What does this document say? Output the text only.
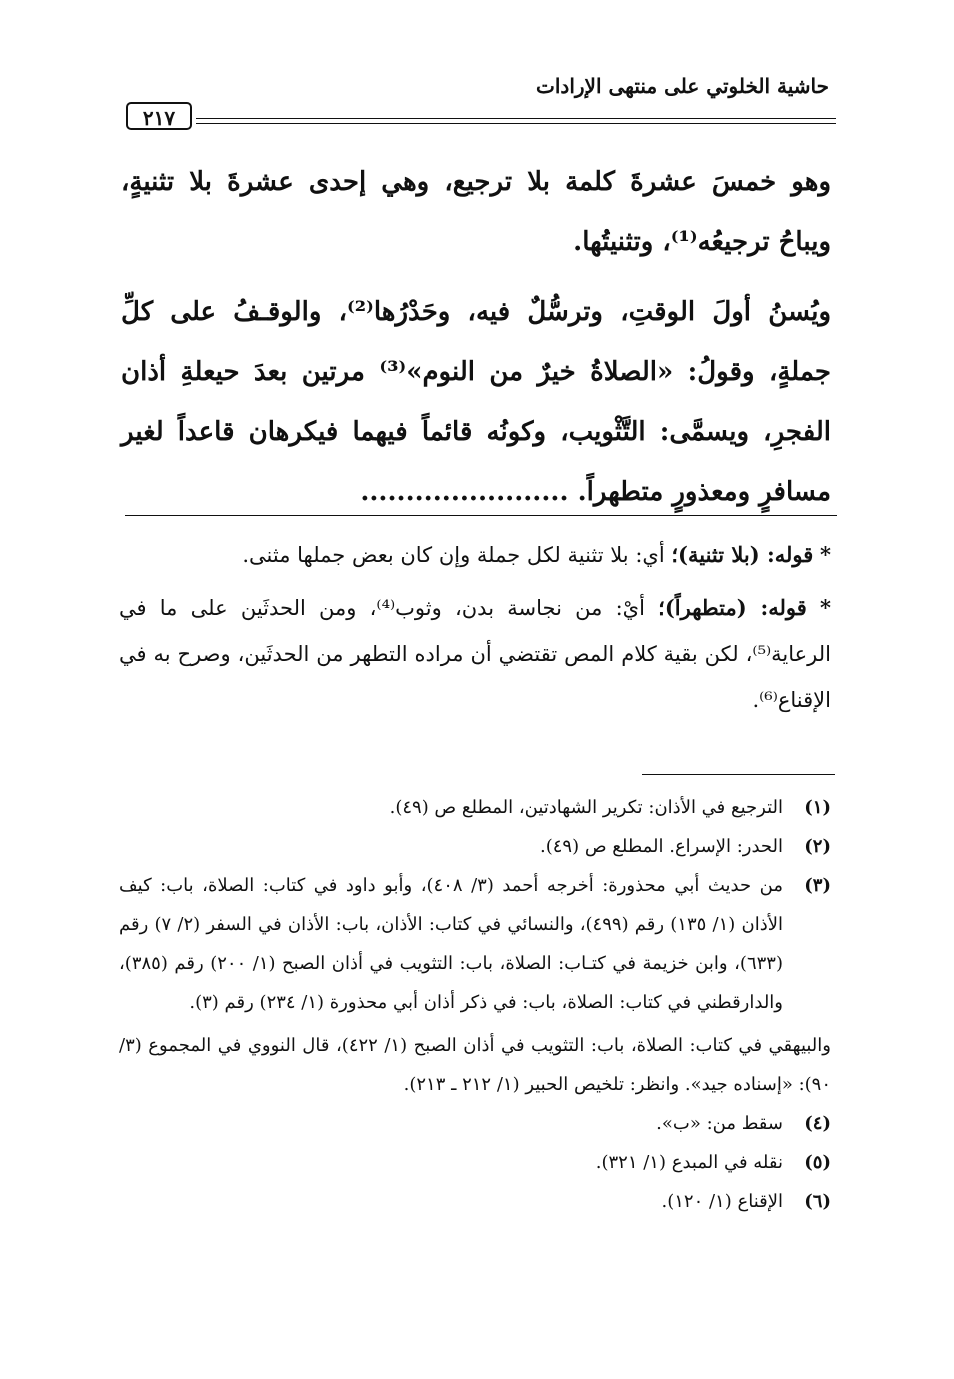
حاشية الخلوتي على منتهى الإرادات
٢١٧

وهو خمسَ عشرةَ كلمة بلا ترجيع، وهي إحدى عشرةَ بلا تثنيةٍ، ويباحُ ترجيعُه⁽¹⁾، وتثنيتُها.

ويُسنُ أولَ الوقتِ، وترسُّلٌ فيه، وحَدْرُها⁽²⁾، والوقـفُ على كلِّ جملةٍ، وقولُ: «الصلاةُ خيرٌ من النوم»⁽³⁾ مرتين بعدَ حيعلةِ أذان الفجرِ، ويسمَّى: التَّثْويب، وكونُه قائماً فيهما فيكرهان قاعداً لغير مسافرٍ ومعذورٍ متطهراً. .......................

* قوله: (بلا تثنية)؛ أي: بلا تثنية لكل جملة وإن كان بعض جملها مثنى.

* قوله: (متطهراً)؛ أيْ: من نجاسة بدن، وثوب⁽⁴⁾، ومن الحدثَين على ما في الرعاية⁽⁵⁾، لكن بقية كلام المص تقتضي أن مراده التطهر من الحدثَين، وصرح به في الإقناع⁽⁶⁾.

(١)
الترجيع في الأذان: تكرير الشهادتين، المطلع ص (٤٩).
(٢)
الحدر: الإسراع. المطلع ص (٤٩).
(٣)
من حديث أبي محذورة: أخرجه أحمد (٣/ ٤٠٨)، وأبو داود في كتاب: الصلاة، باب: كيف الأذان (١/ ١٣٥) رقم (٤٩٩)، والنسائي في كتاب: الأذان، باب: الأذان في السفر (٢/ ٧) رقم (٦٣٣)، وابن خزيمة في كتـاب: الصلاة، باب: التثويب في أذان الصبح (١/ ٢٠٠) رقم (٣٨٥)، والدارقطني في كتاب: الصلاة، باب: في ذكر أذان أبي محذورة (١/ ٢٣٤) رقم (٣).
والبيهقي في كتاب: الصلاة، باب: التثويب في أذان الصبح (١/ ٤٢٢)، قال النووي في المجموع (٣/ ٩٠): «إسناده جيد». وانظر: تلخيص الحبير (١/ ٢١٢ ـ ٢١٣).
(٤)
سقط من: «ب».
(٥)
نقله في المبدع (١/ ٣٢١).
(٦)
الإقناع (١/ ١٢٠).
